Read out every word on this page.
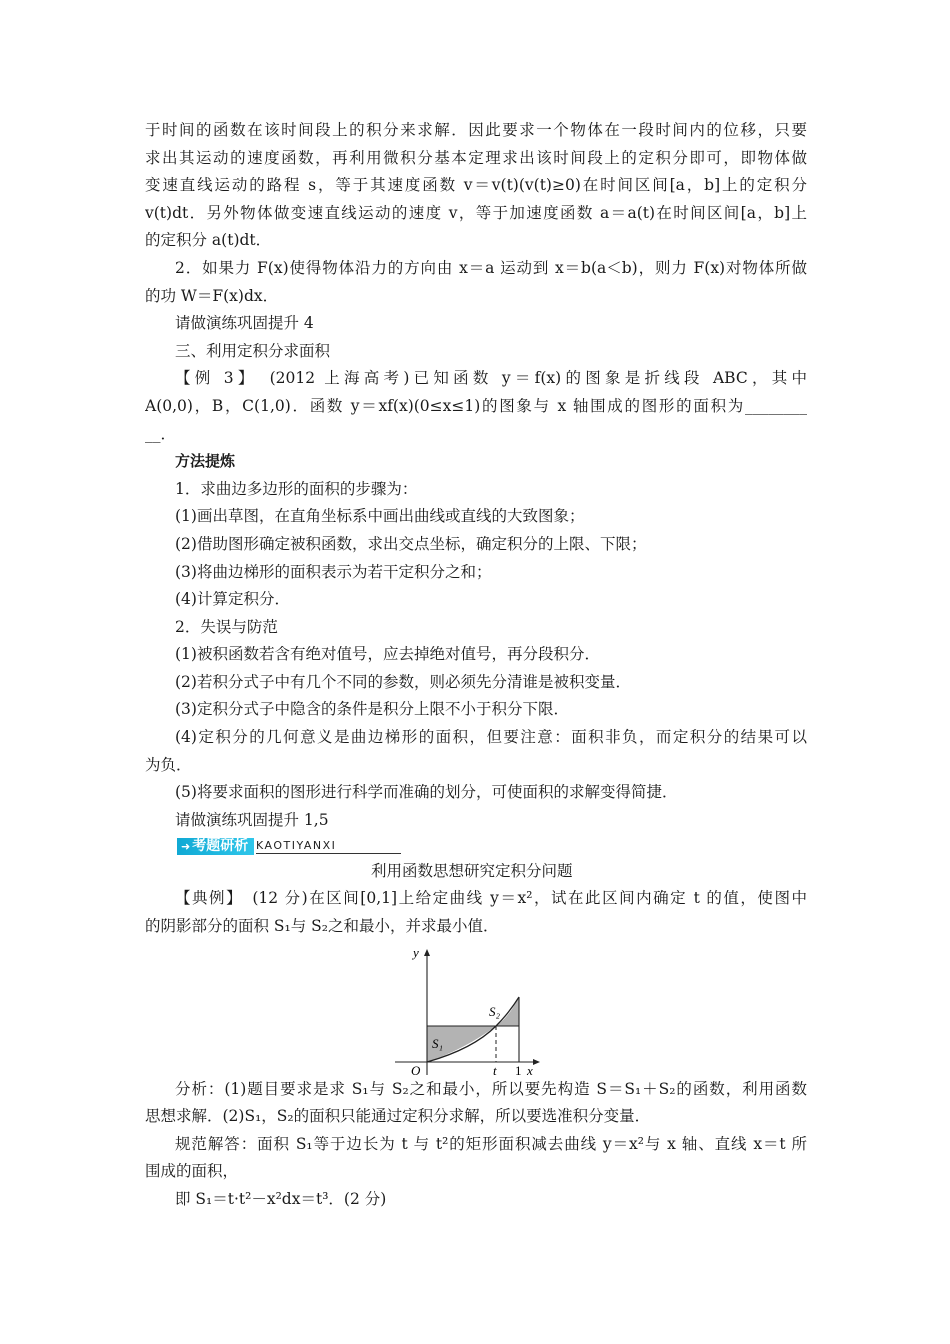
于时间的函数在该时间段上的积分来求解．因此要求一个物体在一段时间内的位移，只要
求出其运动的速度函数，再利用微积分基本定理求出该时间段上的定积分即可，即物体做
变速直线运动的路程 s，等于其速度函数 v＝v(t)(v(t)≥0)在时间区间[a，b]上的定积分
v(t)dt．另外物体做变速直线运动的速度 v，等于加速度函数 a＝a(t)在时间区间[a，b]上
的定积分 a(t)dt．
2．如果力 F(x)使得物体沿力的方向由 x＝a 运动到 x＝b(a＜b)，则力 F(x)对物体所做
的功 W＝F(x)dx．
请做演练巩固提升 4
三、利用定积分求面积
【例 3】　(2012 上海高考)已知函数 y＝f(x)的图象是折线段 ABC，其中
A(0,0)，B，C(1,0)．函数 y＝xf(x)(0≤x≤1)的图象与 x 轴围成的图形的面积为________
__．
方法提炼
1．求曲边多边形的面积的步骤为：
(1)画出草图，在直角坐标系中画出曲线或直线的大致图象；
(2)借助图形确定被积函数，求出交点坐标，确定积分的上限、下限；
(3)将曲边梯形的面积表示为若干定积分之和；
(4)计算定积分．
2．失误与防范
(1)被积函数若含有绝对值号，应去掉绝对值号，再分段积分．
(2)若积分式子中有几个不同的参数，则必须先分清谁是被积变量．
(3)定积分式子中隐含的条件是积分上限不小于积分下限．
(4)定积分的几何意义是曲边梯形的面积，但要注意：面积非负，而定积分的结果可以
为负．
(5)将要求面积的图形进行科学而准确的划分，可使面积的求解变得简捷．
请做演练巩固提升 1,5
➜ 考题研析 KAOTIYANXI
利用函数思想研究定积分问题
【典例】　(12 分)在区间[0,1]上给定曲线 y＝x²，试在此区间内确定 t 的值，使图中
的阴影部分的面积 S₁与 S₂之和最小，并求最小值．
y
x
O	t 1
S₁
S₂
分析：(1)题目要求是求 S₁与 S₂之和最小，所以要先构造 S＝S₁＋S₂的函数，利用函数
思想求解．(2)S₁，S₂的面积只能通过定积分求解，所以要选准积分变量．
规范解答：面积 S₁等于边长为 t 与 t²的矩形面积减去曲线 y＝x²与 x 轴、直线 x＝t 所
围成的面积，
即 S₁＝t·t²－x²dx＝t³．(2 分)
